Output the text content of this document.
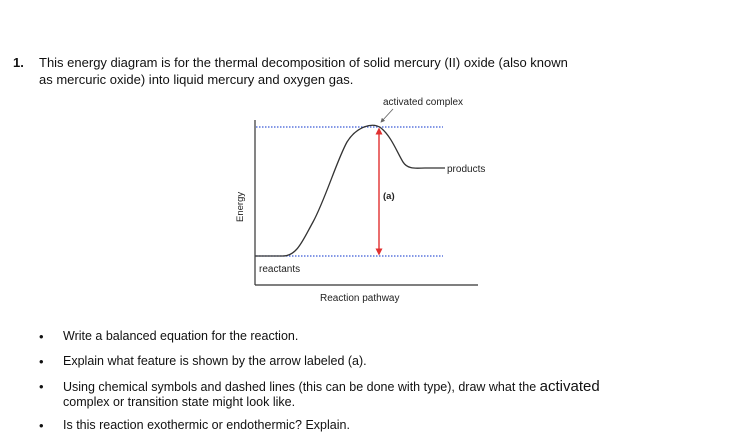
1. This energy diagram is for the thermal decomposition of solid mercury (II) oxide (also known
as mercuric oxide) into liquid mercury and oxygen gas.
activated complex
products
(a)
Energy
reactants
Reaction pathway
• Write a balanced equation for the reaction.
• Explain what feature is shown by the arrow labeled (a).
• Using chemical symbols and dashed lines (this can be done with type), draw what the activated
complex or transition state might look like.
• Is this reaction exothermic or endothermic? Explain.
